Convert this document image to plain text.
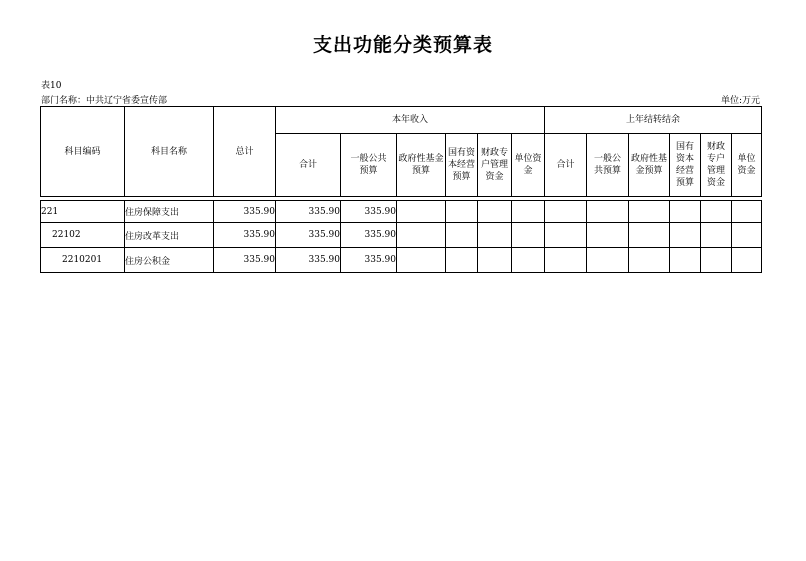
支出功能分类预算表
表10
部门名称：中共辽宁省委宣传部	单位:万元
科目编码	科目名称	总计	本年收入						上年结转结余					
			合计	一般公共预算	政府性基金预算	国有资本经营预算	财政专户管理资金	单位资金	合计	一般公共预算	政府性基金预算	国有资本经营预算	财政专户管理资金	单位资金

221	住房保障支出	335.90	335.90	335.90										
22102	住房改革支出	335.90	335.90	335.90										
2210201	住房公积金	335.90	335.90	335.90										
